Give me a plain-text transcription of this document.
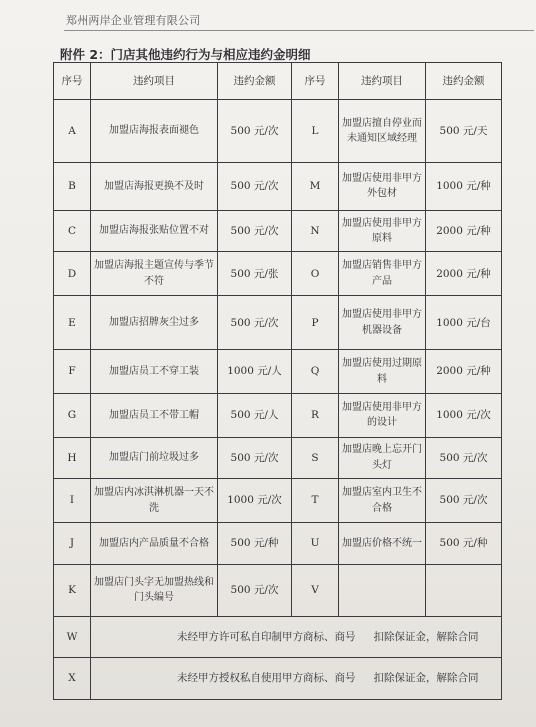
郑州两岸企业管理有限公司
附件 2：门店其他违约行为与相应违约金明细
序号	违约项目	违约金额	序号	违约项目	违约金额
A	加盟店海报表面褪色	500 元/次	L	加盟店擅自停业而未通知区域经理	500 元/天
B	加盟店海报更换不及时	500 元/次	M	加盟店使用非甲方外包材	1000 元/种
C	加盟店海报张贴位置不对	500 元/次	N	加盟店使用非甲方原料	2000 元/种
D	加盟店海报主题宣传与季节不符	500 元/张	O	加盟店销售非甲方产品	2000 元/种
E	加盟店招牌灰尘过多	500 元/次	P	加盟店使用非甲方机器设备	1000 元/台
F	加盟店员工不穿工装	1000 元/人	Q	加盟店使用过期原料	2000 元/种
G	加盟店员工不带工帽	500 元/人	R	加盟店使用非甲方的设计	1000 元/次
H	加盟店门前垃圾过多	500 元/次	S	加盟店晚上忘开门头灯	500 元/次
I	加盟店内冰淇淋机器一天不洗	1000 元/次	T	加盟店室内卫生不合格	500 元/次
J	加盟店内产品质量不合格	500 元/种	U	加盟店价格不统一	500 元/种
K	加盟店门头字无加盟热线和门头编号	500 元/次	V		
W	未经甲方许可私自印制甲方商标、商号 扣除保证金，解除合同				
X	未经甲方授权私自使用甲方商标、商号 扣除保证金，解除合同				
